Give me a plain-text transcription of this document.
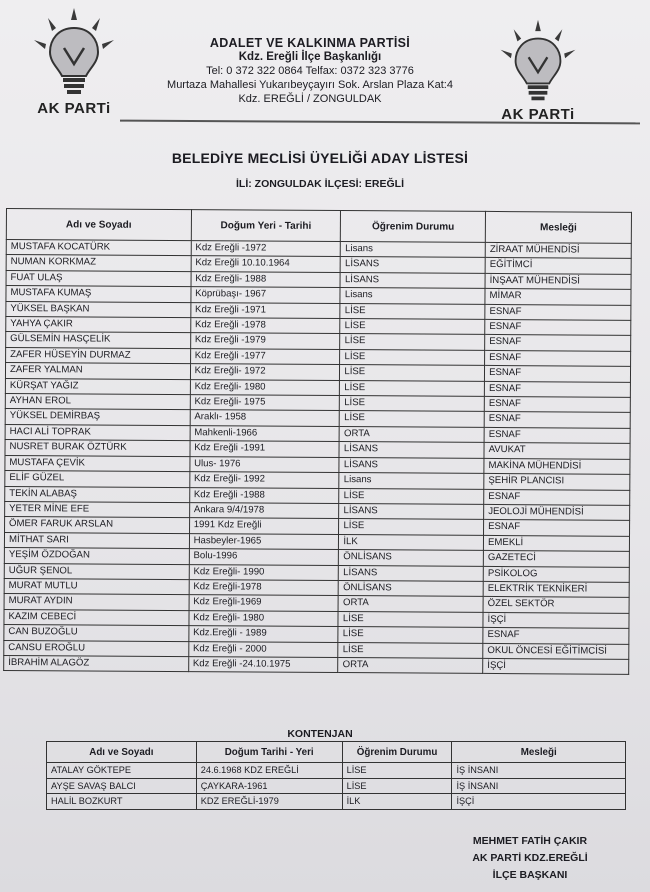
AK PARTi	AK PARTi
ADALET VE KALKINMA PARTİSİ
Kdz. Ereğli İlçe Başkanlığı
Tel: 0 372 322 0864 Telfax: 0372 323 3776
Murtaza Mahallesi Yukarıbeyçayırı Sok. Arslan Plaza Kat:4
Kdz. EREĞLİ / ZONGULDAK
BELEDİYE MECLİSİ ÜYELİĞİ ADAY LİSTESİ
İLİ: ZONGULDAK İLÇESİ: EREĞLİ
Adı ve Soyadı	Doğum Yeri - Tarihi	Öğrenim Durumu	Mesleği
MUSTAFA KOCATÜRK	Kdz Ereğli -1972	Lisans	ZİRAAT MÜHENDİSİ
NUMAN KORKMAZ	Kdz Ereğli 10.10.1964	LİSANS	EĞİTİMCİ
FUAT ULAŞ	Kdz Ereğli- 1988	LİSANS	İNŞAAT MÜHENDİSİ
MUSTAFA KUMAŞ	Köprübaşı- 1967	Lisans	MİMAR
YÜKSEL BAŞKAN	Kdz Ereğli -1971	LİSE	ESNAF
YAHYA ÇAKIR	Kdz Ereğli -1978	LİSE	ESNAF
GÜLSEMİN HASÇELİK	Kdz Ereğli -1979	LİSE	ESNAF
ZAFER HÜSEYİN DURMAZ	Kdz Ereğli -1977	LİSE	ESNAF
ZAFER YALMAN	Kdz Ereğli- 1972	LİSE	ESNAF
KÜRŞAT YAĞIZ	Kdz Ereğli- 1980	LİSE	ESNAF
AYHAN EROL	Kdz Ereğli- 1975	LİSE	ESNAF
YÜKSEL DEMİRBAŞ	Araklı- 1958	LİSE	ESNAF
HACI ALİ TOPRAK	Mahkenli-1966	ORTA	ESNAF
NUSRET BURAK ÖZTÜRK	Kdz Ereğli -1991	LİSANS	AVUKAT
MUSTAFA ÇEVİK	Ulus- 1976	LİSANS	MAKİNA MÜHENDİSİ
ELİF GÜZEL	Kdz Ereğli- 1992	Lisans	ŞEHİR PLANCISI
TEKİN ALABAŞ	Kdz Ereğli -1988	LİSE	ESNAF
YETER MİNE EFE	Ankara 9/4/1978	LİSANS	JEOLOJİ MÜHENDİSİ
ÖMER FARUK ARSLAN	1991 Kdz Ereğli	LİSE	ESNAF
MİTHAT SARI	Hasbeyler-1965	İLK	EMEKLİ
YEŞİM ÖZDOĞAN	Bolu-1996	ÖNLİSANS	GAZETECİ
UĞUR ŞENOL	Kdz Ereğli- 1990	LİSANS	PSİKOLOG
MURAT MUTLU	Kdz Ereğli-1978	ÖNLİSANS	ELEKTRİK TEKNİKERİ
MURAT AYDIN	Kdz Ereğli-1969	ORTA	ÖZEL SEKTÖR
KAZIM CEBECİ	Kdz Ereğli- 1980	LİSE	İŞÇİ
CAN BUZOĞLU	Kdz.Ereğli - 1989	LİSE	ESNAF
CANSU EROĞLU	Kdz Ereğli - 2000	LİSE	OKUL ÖNCESİ EĞİTİMCİSİ
İBRAHİM ALAGÖZ	Kdz Ereğli -24.10.1975	ORTA	İŞÇİ
KONTENJAN
Adı ve Soyadı	Doğum Tarihi - Yeri	Öğrenim Durumu	Mesleği
ATALAY GÖKTEPE	24.6.1968 KDZ EREĞLİ	LİSE	İŞ İNSANI
AYŞE SAVAŞ BALCI	ÇAYKARA-1961	LİSE	İŞ İNSANI
HALİL BOZKURT	KDZ EREĞLİ-1979	İLK	İŞÇİ
MEHMET FATİH ÇAKIR
AK PARTİ KDZ.EREĞLİ
İLÇE BAŞKANI
